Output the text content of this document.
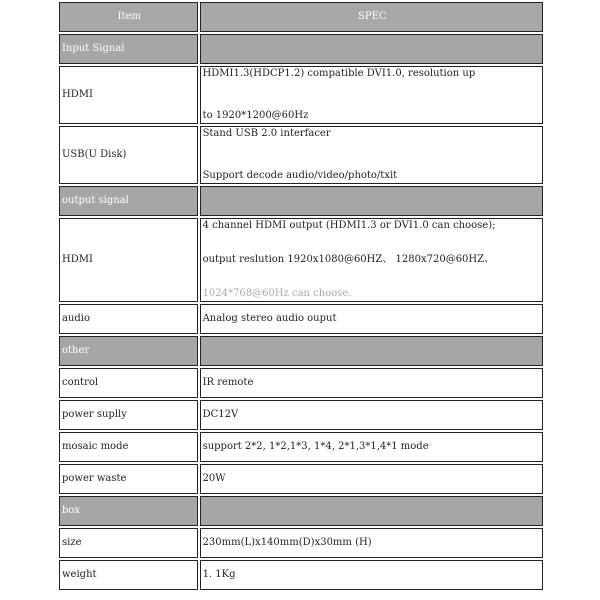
Item	SPEC
Input Signal	
HDMI	HDMI1.3(HDCP1.2) compatible DVI1.0, resolution up
to 1920*1200@60Hz

USB(U Disk)	Stand USB 2.0 interfacer
Support decode audio/video/photo/txit

output signal	
HDMI	4 channel HDMI output (HDMI1.3 or DVI1.0 can choose);
output reslution 1920x1080@60HZ、 1280x720@60HZ、
1024*768@60Hz can choose.

audio	Analog stereo audio ouput

other	
control	IR remote

power suplly	DC12V

mosaic mode	support 2*2, 1*2,1*3, 1*4, 2*1,3*1,4*1 mode

power waste	20W

box	
size	230mm(L)x140mm(D)x30mm (H)

weight	1. 1Kg
